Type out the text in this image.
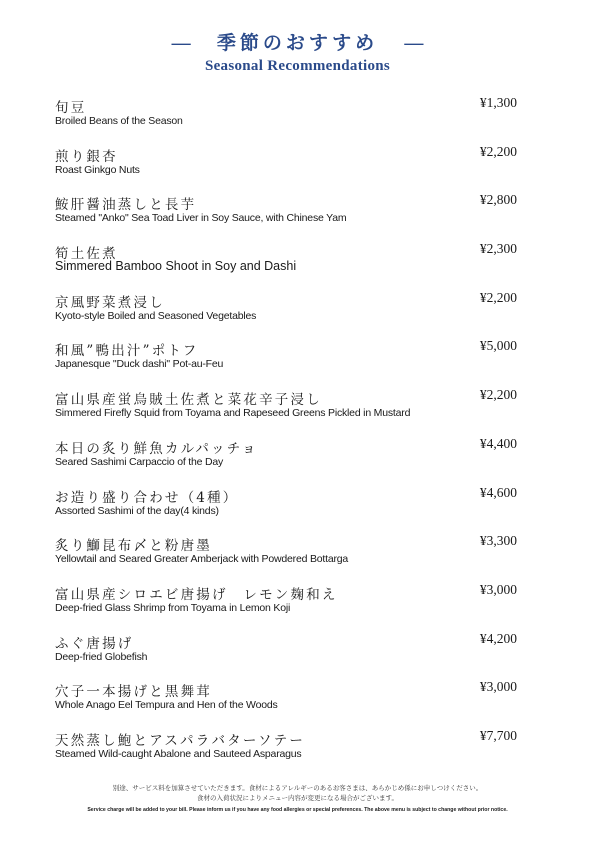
— 季節のおすすめ —
Seasonal Recommendations
旬豆
Broiled Beans of the Season
¥1,300
煎り銀杏
Roast Ginkgo Nuts
¥2,200
鮟肝醤油蒸しと長芋
Steamed "Anko" Sea Toad Liver in Soy Sauce, with Chinese Yam
¥2,800
筍土佐煮
Simmered Bamboo Shoot in Soy and Dashi
¥2,300
京風野菜煮浸し
Kyoto-style Boiled and Seasoned Vegetables
¥2,200
和風”鴨出汁”ポトフ
Japanesque "Duck dashi" Pot-au-Feu
¥5,000
富山県産蛍烏賊土佐煮と菜花辛子浸し
Simmered Firefly Squid from Toyama and Rapeseed Greens Pickled in Mustard
¥2,200
本日の炙り鮮魚カルパッチョ
Seared Sashimi Carpaccio of the Day
¥4,400
お造り盛り合わせ（4種）
Assorted Sashimi of the day(4 kinds)
¥4,600
炙り鰤昆布〆と粉唐墨
Yellowtail and Seared Greater Amberjack with Powdered Bottarga
¥3,300
富山県産シロエビ唐揚げ　レモン麹和え
Deep-fried Glass Shrimp from Toyama in Lemon Koji
¥3,000
ふぐ唐揚げ
Deep-fried Globefish
¥4,200
穴子一本揚げと黒舞茸
Whole Anago Eel Tempura and Hen of the Woods
¥3,000
天然蒸し鮑とアスパラバターソテー
Steamed Wild-caught Abalone and Sauteed Asparagus
¥7,700
別途、サービス料を加算させていただきます。食材によるアレルギーのあるお客さまは、あらかじめ係にお申しつけください。
食材の入荷状況によりメニュー内容が変更になる場合がございます。
Service charge will be added to your bill. Please inform us if you have any food allergies or special preferences. The above menu is subject to change without prior notice.
